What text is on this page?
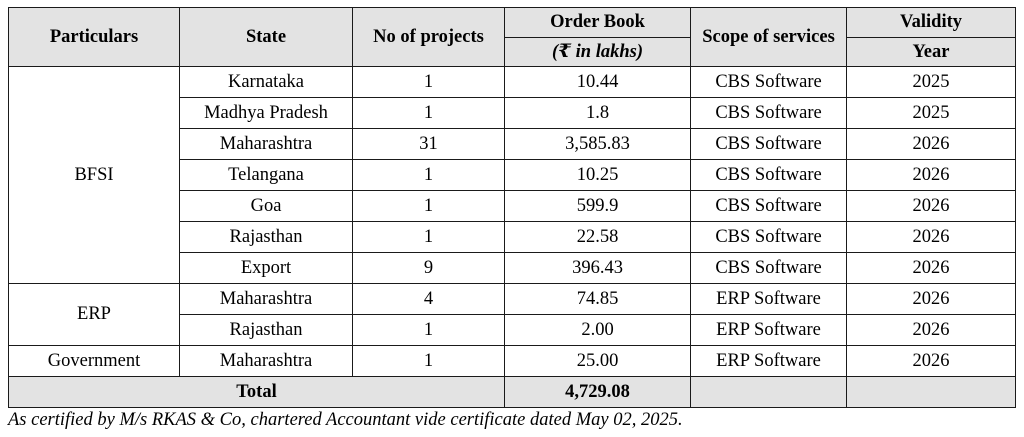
Particulars	State	No of projects	Order Book	Scope of services	Validity
			(₹ in lakhs)		Year
BFSI	Karnataka	1	10.44	CBS Software	2025
	Madhya Pradesh	1	1.8	CBS Software	2025
	Maharashtra	31	3,585.83	CBS Software	2026
	Telangana	1	10.25	CBS Software	2026
	Goa	1	599.9	CBS Software	2026
	Rajasthan	1	22.58	CBS Software	2026
	Export	9	396.43	CBS Software	2026
ERP	Maharashtra	4	74.85	ERP Software	2026
	Rajasthan	1	2.00	ERP Software	2026
Government	Maharashtra	1	25.00	ERP Software	2026
Total			4,729.08		
As certified by M/s RKAS & Co, chartered Accountant vide certificate dated May 02, 2025.
